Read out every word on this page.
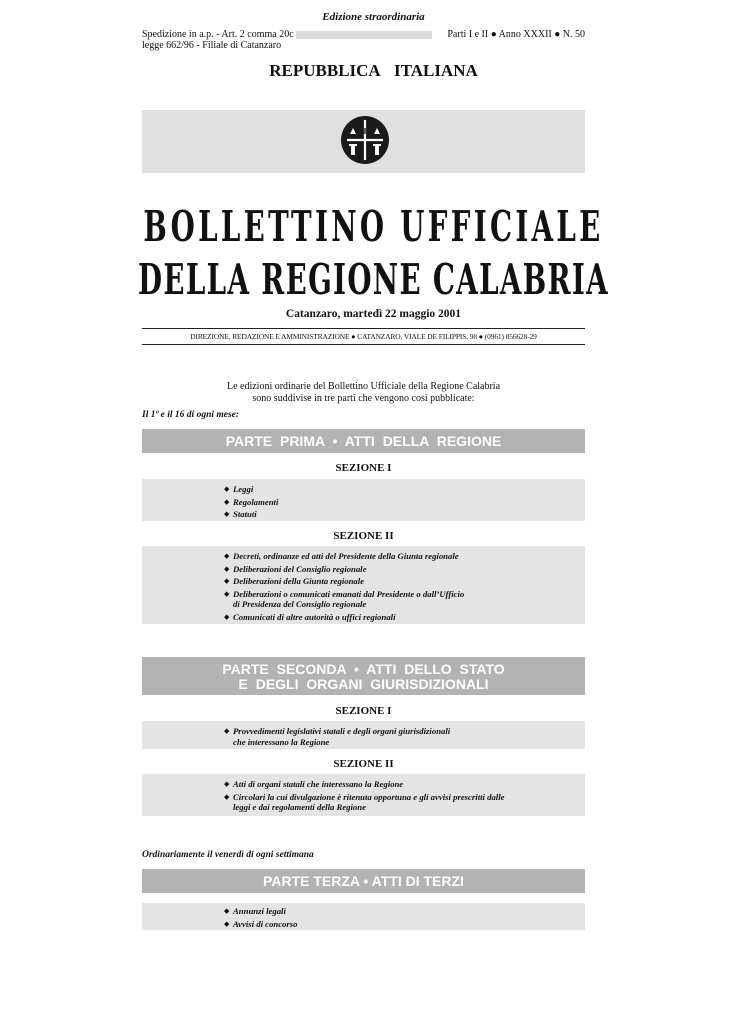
Edizione straordinaria
Spedizione in a.p. - Art. 2 comma 20c
legge 662/96 - Filiale di Catanzaro
Parti I e II ● Anno XXXII ● N. 50
REPUBBLICA ITALIANA
BOLLETTINO UFFICIALE
DELLA REGIONE CALABRIA
Catanzaro, martedì 22 maggio 2001
DIREZIONE, REDAZIONE E AMMINISTRAZIONE ● CATANZARO, VIALE DE FILIPPIS, 98 ● (0961) 856628-29
Le edizioni ordinarie del Bollettino Ufficiale della Regione Calabria
sono suddivise in tre parti che vengono così pubblicate:
Il 1º e il 16 di ogni mese:
PARTE PRIMA • ATTI DELLA REGIONE
SEZIONE I
◆ Leggi
◆ Regolamenti
◆ Statuti
SEZIONE II
◆ Decreti, ordinanze ed atti del Presidente della Giunta regionale
◆ Deliberazioni del Consiglio regionale
◆ Deliberazioni della Giunta regionale
◆ Deliberazioni o comunicati emanati dal Presidente o dall’Ufficio
di Presidenza del Consiglio regionale
◆ Comunicati di altre autorità o uffici regionali
PARTE SECONDA • ATTI DELLO STATO
E DEGLI ORGANI GIURISDIZIONALI
SEZIONE I
◆ Provvedimenti legislativi statali e degli organi giurisdizionali
che interessano la Regione
SEZIONE II
◆ Atti di organi statali che interessano la Regione
◆ Circolari la cui divulgazione è ritenuta opportuna e gli avvisi prescritti dalle
leggi e dai regolamenti della Regione
Ordinariamente il venerdì di ogni settimana
PARTE TERZA • ATTI DI TERZI
◆ Annunzi legali
◆ Avvisi di concorso
